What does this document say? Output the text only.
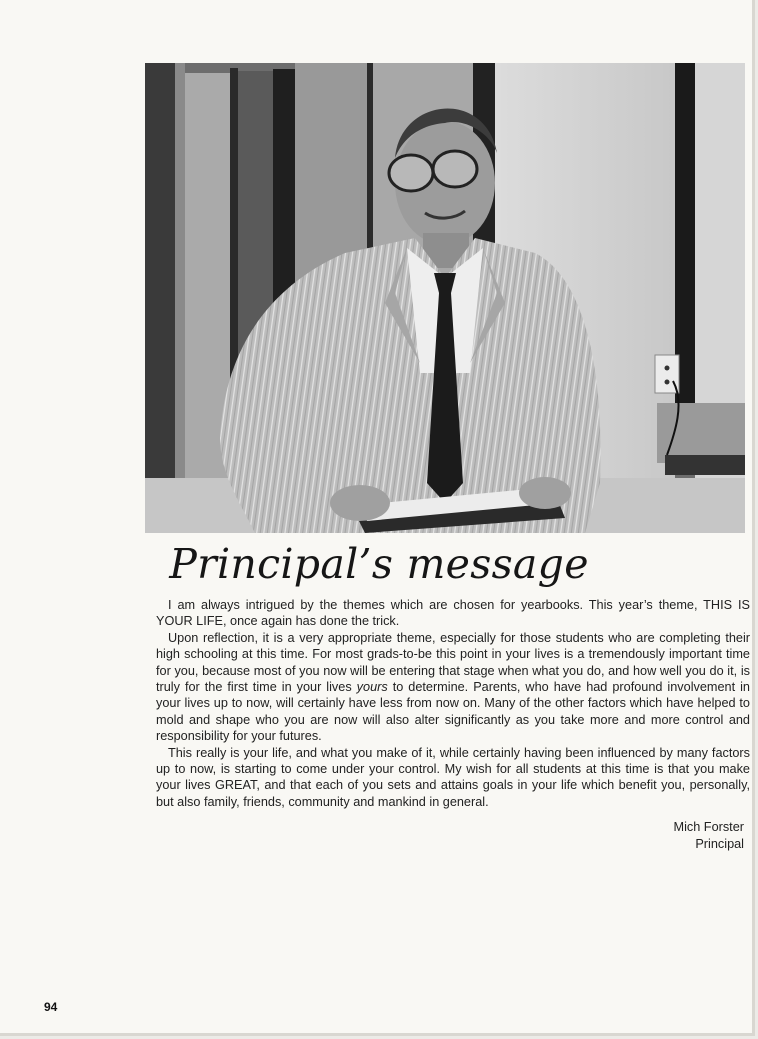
Principal’s message

I am always intrigued by the themes which are chosen for yearbooks. This year’s theme, THIS IS YOUR LIFE, once again has done the trick.

Upon reflection, it is a very appropriate theme, especially for those students who are completing their high schooling at this time. For most grads-to-be this point in your lives is a tremendously important time for you, because most of you now will be entering that stage when what you do, and how well you do it, is truly for the first time in your lives yours to determine. Parents, who have had profound involvement in your lives up to now, will certainly have less from now on. Many of the other factors which have helped to mold and shape who you are now will also alter significantly as you take more and more control and responsibility for your futures.

This really is your life, and what you make of it, while certainly having been influenced by many factors up to now, is starting to come under your control. My wish for all students at this time is that you make your lives GREAT, and that each of you sets and attains goals in your life which benefit you, personally, but also family, friends, community and mankind in general.

Mich Forster
Principal
94
